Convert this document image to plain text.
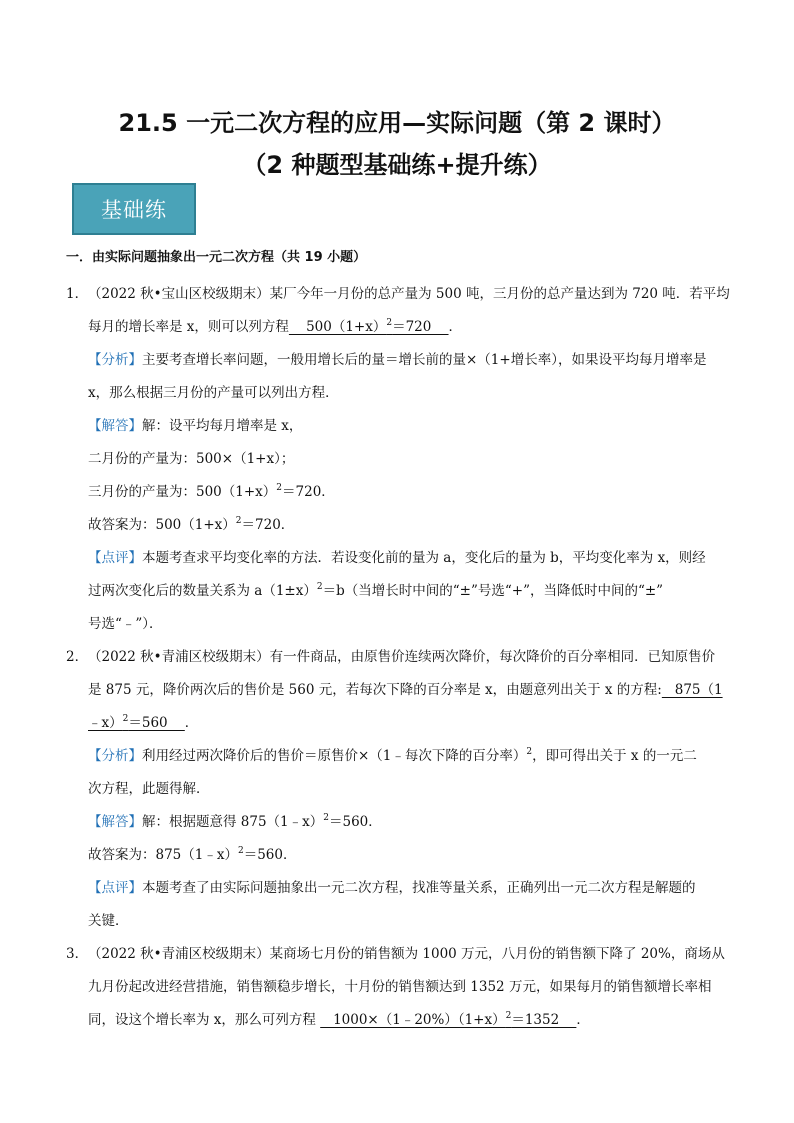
21.5 一元二次方程的应用—实际问题（第 2 课时）
（2 种题型基础练+提升练）
基础练
一．由实际问题抽象出一元二次方程（共 19 小题）
1．（2022 秋•宝山区校级期末）某厂今年一月份的总产量为 500 吨，三月份的总产量达到为 720 吨．若平均
每月的增长率是 x，则可以列方程    $500(1+x)^2=720$    ．
【分析】主要考查增长率问题，一般用增长后的量＝增长前的量×（1+增长率），如果设平均每月增率是
x，那么根据三月份的产量可以列出方程．
【解答】解：设平均每月增率是 x，
二月份的产量为：500×（1+x）；
三月份的产量为：$500(1+x)^2=720$．
故答案为：$500(1+x)^2=720$．
【点评】本题考查求平均变化率的方法．若设变化前的量为 a，变化后的量为 b，平均变化率为 x，则经
过两次变化后的数量关系为 $a(1\pm x)^2=b$（当增长时中间的“±”号选“+”，当降低时中间的“±”
号选“﹣”）．
2．（2022 秋•青浦区校级期末）有一件商品，由原售价连续两次降价，每次降价的百分率相同．已知原售价
是 875 元，降价两次后的售价是 560 元，若每次下降的百分率是 x，由题意列出关于 x 的方程:   875（1
﹣x）$^2$＝560    ．
【分析】利用经过两次降价后的售价＝原售价×（1﹣每次下降的百分率）$^2$，即可得出关于 x 的一元二
次方程，此题得解．
【解答】解：根据题意得 875（1﹣x）$^2$＝560．
故答案为：875（1﹣x）$^2$＝560．
【点评】本题考查了由实际问题抽象出一元二次方程，找准等量关系，正确列出一元二次方程是解题的
关键．
3．（2022 秋•青浦区校级期末）某商场七月份的销售额为 1000 万元，八月份的销售额下降了 20%，商场从
九月份起改进经营措施，销售额稳步增长，十月份的销售额达到 1352 万元，如果每月的销售额增长率相
同，设这个增长率为 x，那么可列方程    $1000\times(1﹣20\%)(1+x)^2=1352$    ．
